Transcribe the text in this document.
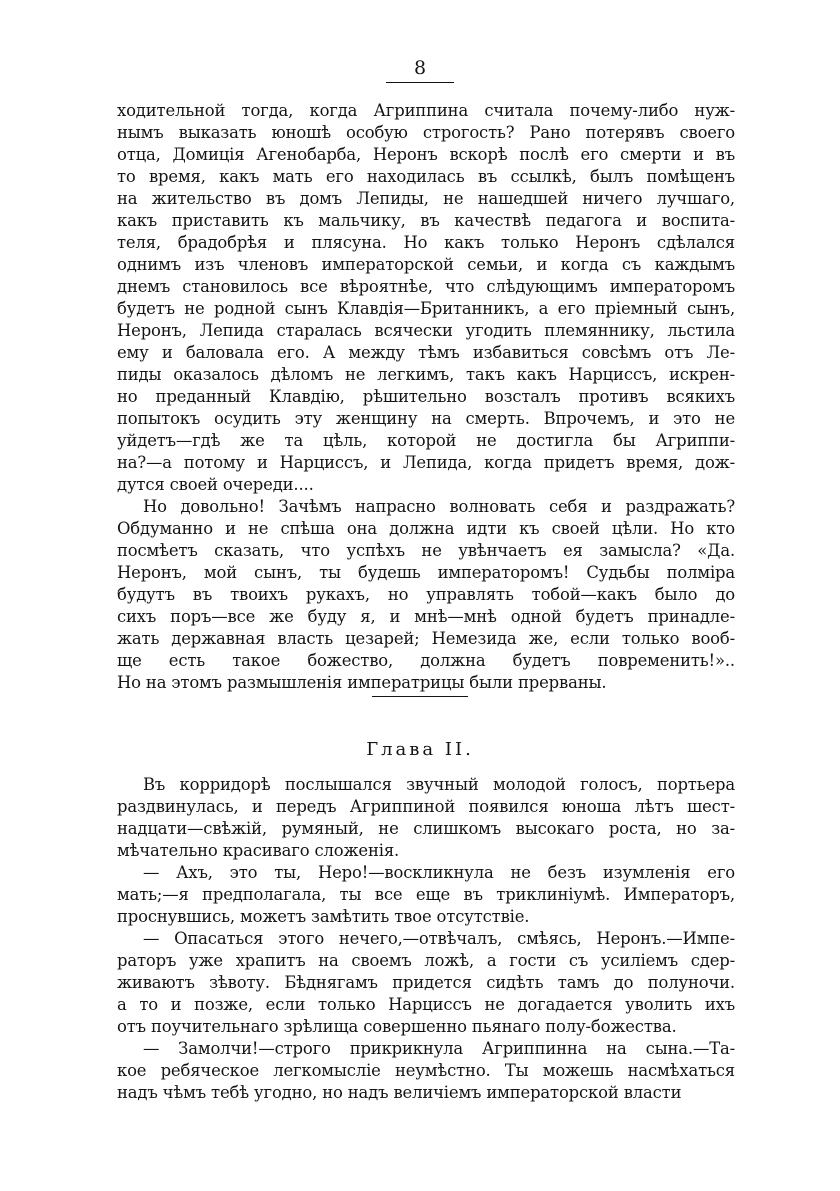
8
ходительной тогда, когда Агриппина считала почему-либо нуж-
нымъ выказать юношѣ особую строгость? Рано потерявъ своего
отца, Домиція Агенобарба, Неронъ вскорѣ послѣ его смерти и въ
то время, какъ мать его находилась въ ссылкѣ, былъ помѣщенъ
на жительство въ домъ Лепиды, не нашедшей ничего лучшаго,
какъ приставить къ мальчику, въ качествѣ педагога и воспита-
теля, брадобрѣя и плясуна. Но какъ только Неронъ сдѣлался
однимъ изъ членовъ императорской семьи, и когда съ каждымъ
днемъ становилось все вѣроятнѣе, что слѣдующимъ императоромъ
будетъ не родной сынъ Клавдія—Британникъ, а его пріемный сынъ,
Неронъ, Лепида старалась всячески угодить племяннику, льстила
ему и баловала его. А между тѣмъ избавиться совсѣмъ отъ Ле-
пиды оказалось дѣломъ не легкимъ, такъ какъ Нарциссъ, искрен-
но преданный Клавдію, рѣшительно возсталъ противъ всякихъ
попытокъ осудить эту женщину на смерть. Впрочемъ, и это не
уйдетъ—гдѣ же та цѣль, которой не достигла бы Агриппи-
на?—а потому и Нарциссъ, и Лепида, когда придетъ время, дож-
дутся своей очереди....
Но довольно! Зачѣмъ напрасно волновать себя и раздражать?
Обдуманно и не спѣша она должна идти къ своей цѣли. Но кто
посмѣетъ сказать, что успѣхъ не увѣнчаетъ ея замысла? «Да.
Неронъ, мой сынъ, ты будешь императоромъ! Судьбы полміра
будутъ въ твоихъ рукахъ, но управлять тобой—какъ было до
сихъ поръ—все же буду я, и мнѣ—мнѣ одной будетъ принадле-
жать державная власть цезарей; Немезида же, если только вооб-
ще есть такое божество, должна будетъ повременить!»..
Но на этомъ размышленія императрицы были прерваны.
Глава II.
Въ корридорѣ послышался звучный молодой голосъ, портьера
раздвинулась, и передъ Агриппиной появился юноша лѣтъ шест-
надцати—свѣжій, румяный, не слишкомъ высокаго роста, но за-
мѣчательно красиваго сложенія.
— Ахъ, это ты, Неро!—воскликнула не безъ изумленія его
мать;—я предполагала, ты все еще въ триклиніумѣ. Императоръ,
проснувшись, можетъ замѣтить твое отсутствіе.
— Опасаться этого нечего,—отвѣчалъ, смѣясь, Неронъ.—Импе-
раторъ уже храпитъ на своемъ ложѣ, а гости съ усиліемъ сдер-
живаютъ зѣвоту. Бѣднягамъ придется сидѣть тамъ до полуночи.
а то и позже, если только Нарциссъ не догадается уволить ихъ
отъ поучительнаго зрѣлища совершенно пьянаго полу-божества.
— Замолчи!—строго прикрикнула Агриппинна на сына.—Та-
кое ребяческое легкомысліе неумѣстно. Ты можешь насмѣхаться
надъ чѣмъ тебѣ угодно, но надъ величіемъ императорской власти
